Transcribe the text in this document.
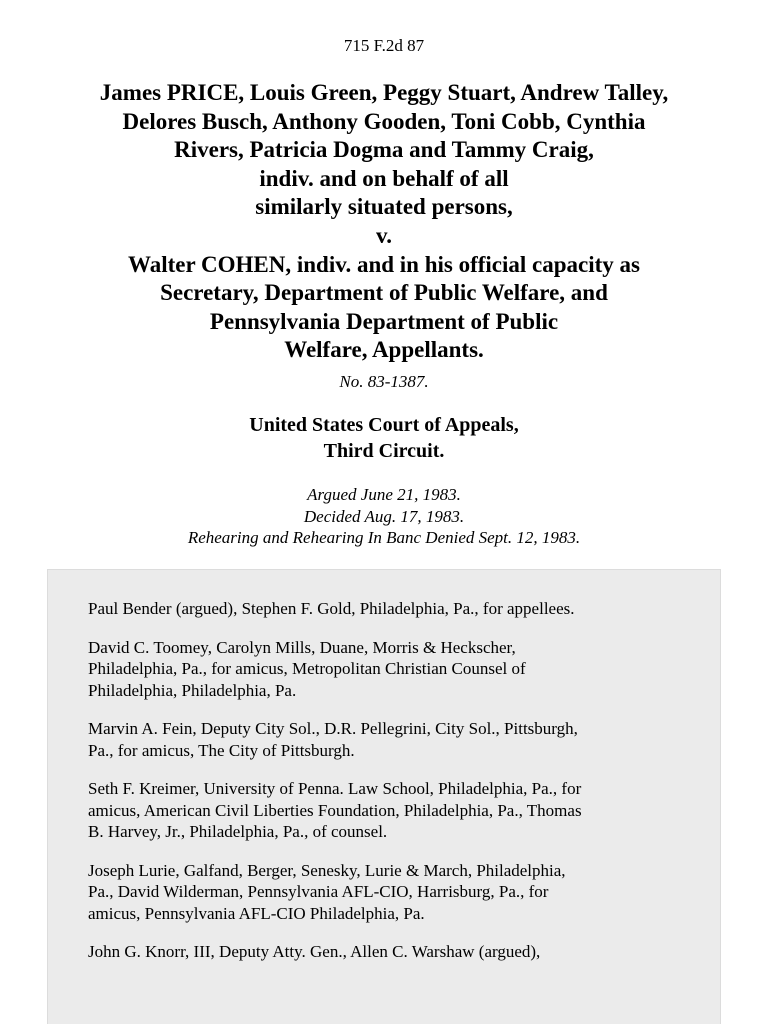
715 F.2d 87
James PRICE, Louis Green, Peggy Stuart, Andrew Talley,
Delores Busch, Anthony Gooden, Toni Cobb, Cynthia
Rivers, Patricia Dogma and Tammy Craig,
indiv. and on behalf of all
similarly situated persons,
v.
Walter COHEN, indiv. and in his official capacity as
Secretary, Department of Public Welfare, and
Pennsylvania Department of Public
Welfare, Appellants.
No. 83-1387.
United States Court of Appeals,
Third Circuit.
Argued June 21, 1983.
Decided Aug. 17, 1983.
Rehearing and Rehearing In Banc Denied Sept. 12, 1983.

Paul Bender (argued), Stephen F. Gold, Philadelphia, Pa., for appellees.

David C. Toomey, Carolyn Mills, Duane, Morris & Heckscher,
Philadelphia, Pa., for amicus, Metropolitan Christian Counsel of
Philadelphia, Philadelphia, Pa.

Marvin A. Fein, Deputy City Sol., D.R. Pellegrini, City Sol., Pittsburgh,
Pa., for amicus, The City of Pittsburgh.

Seth F. Kreimer, University of Penna. Law School, Philadelphia, Pa., for
amicus, American Civil Liberties Foundation, Philadelphia, Pa., Thomas
B. Harvey, Jr., Philadelphia, Pa., of counsel.

Joseph Lurie, Galfand, Berger, Senesky, Lurie & March, Philadelphia,
Pa., David Wilderman, Pennsylvania AFL-CIO, Harrisburg, Pa., for
amicus, Pennsylvania AFL-CIO Philadelphia, Pa.

John G. Knorr, III, Deputy Atty. Gen., Allen C. Warshaw (argued),
